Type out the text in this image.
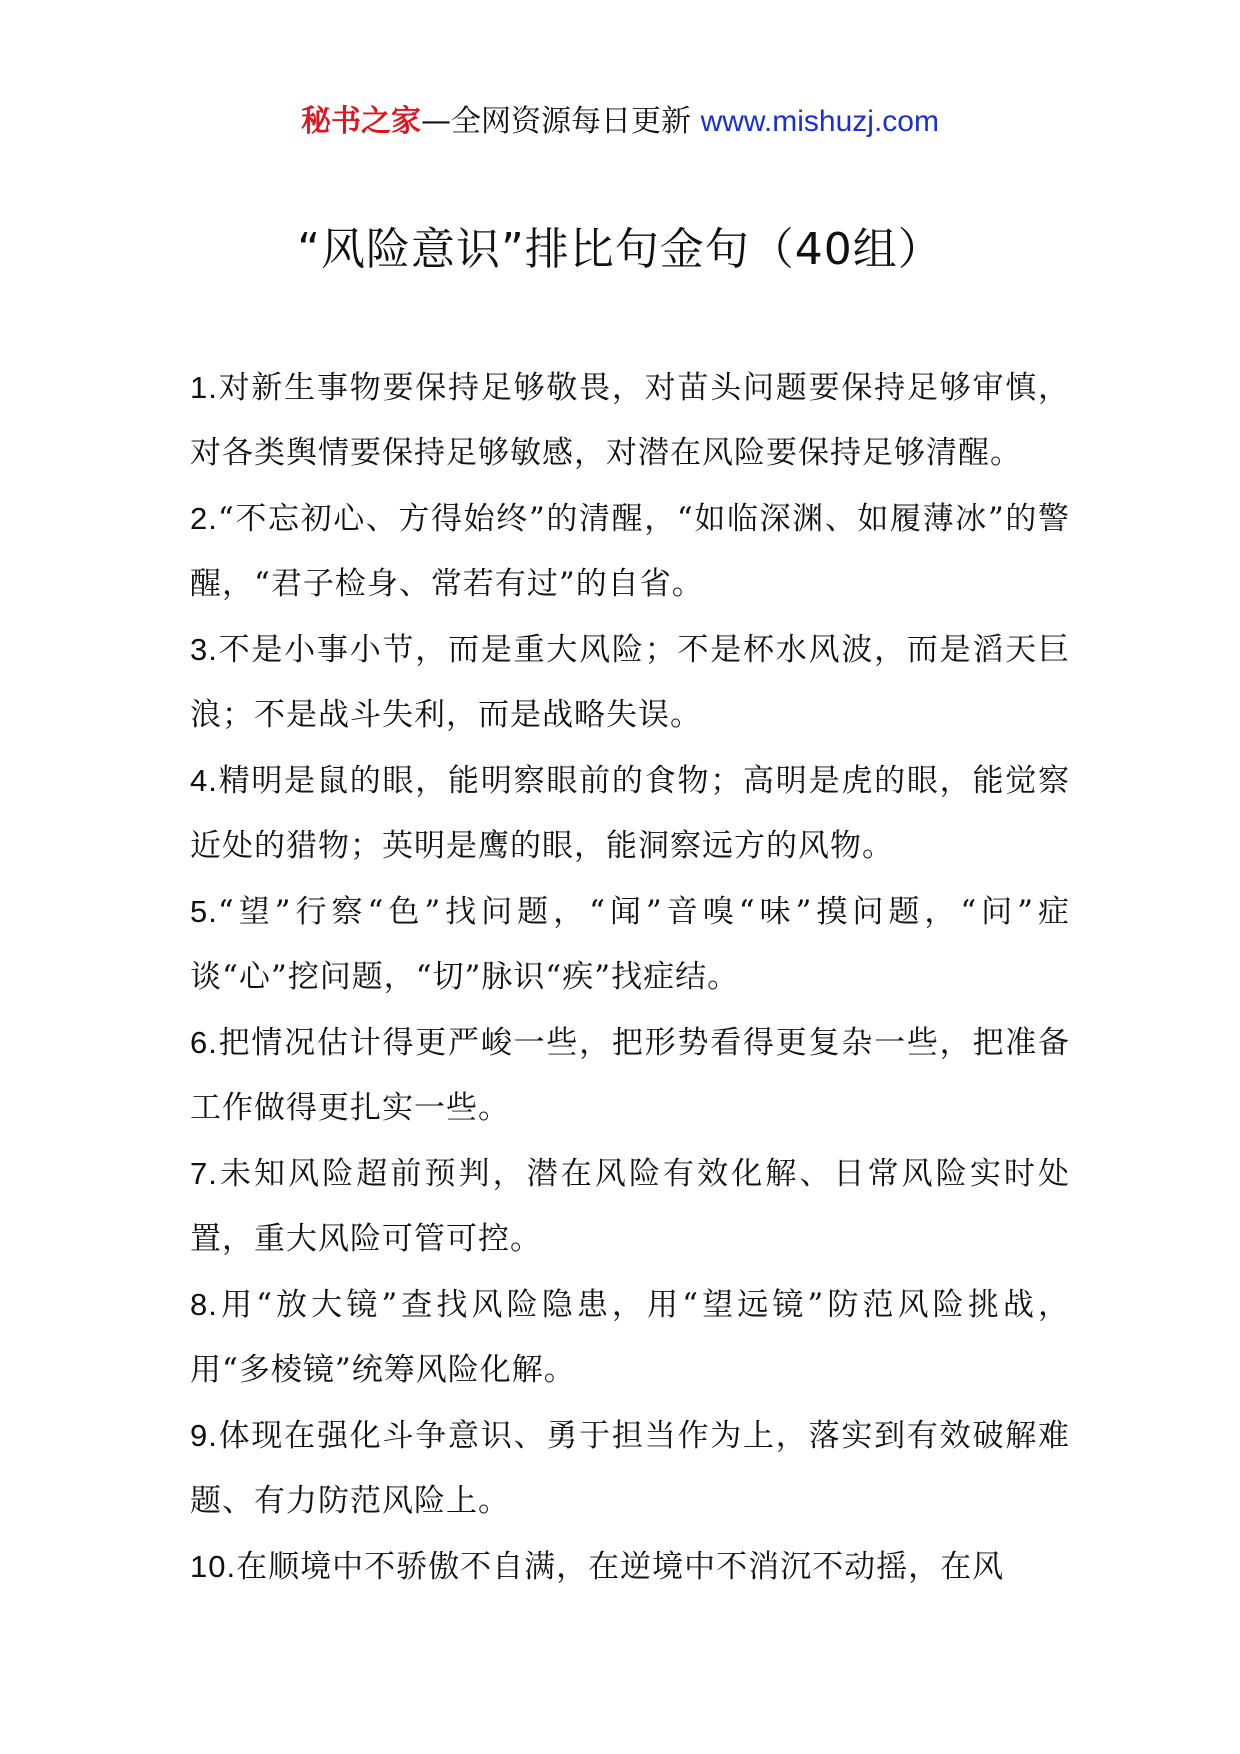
秘书之家—全网资源每日更新 www.mishuzj.com
“风险意识”排比句金句（40组）

1.对新生事物要保持足够敬畏，对苗头问题要保持足够审慎，对各类舆情要保持足够敏感，对潜在风险要保持足够清醒。

2.“不忘初心、方得始终”的清醒，“如临深渊、如履薄冰”的警醒，“君子检身、常若有过”的自省。

3.不是小事小节，而是重大风险；不是杯水风波，而是滔天巨浪；不是战斗失利，而是战略失误。

4.精明是鼠的眼，能明察眼前的食物；高明是虎的眼，能觉察近处的猎物；英明是鹰的眼，能洞察远方的风物。

5.“望”行察“色”找问题，“闻”音嗅“味”摸问题，“问”症谈“心”挖问题，“切”脉识“疾”找症结。

6.把情况估计得更严峻一些，把形势看得更复杂一些，把准备工作做得更扎实一些。

7.未知风险超前预判，潜在风险有效化解、日常风险实时处置，重大风险可管可控。

8.用“放大镜”查找风险隐患，用“望远镜”防范风险挑战，用“多棱镜”统筹风险化解。

9.体现在强化斗争意识、勇于担当作为上，落实到有效破解难题、有力防范风险上。

10.在顺境中不骄傲不自满，在逆境中不消沉不动摇，在风
